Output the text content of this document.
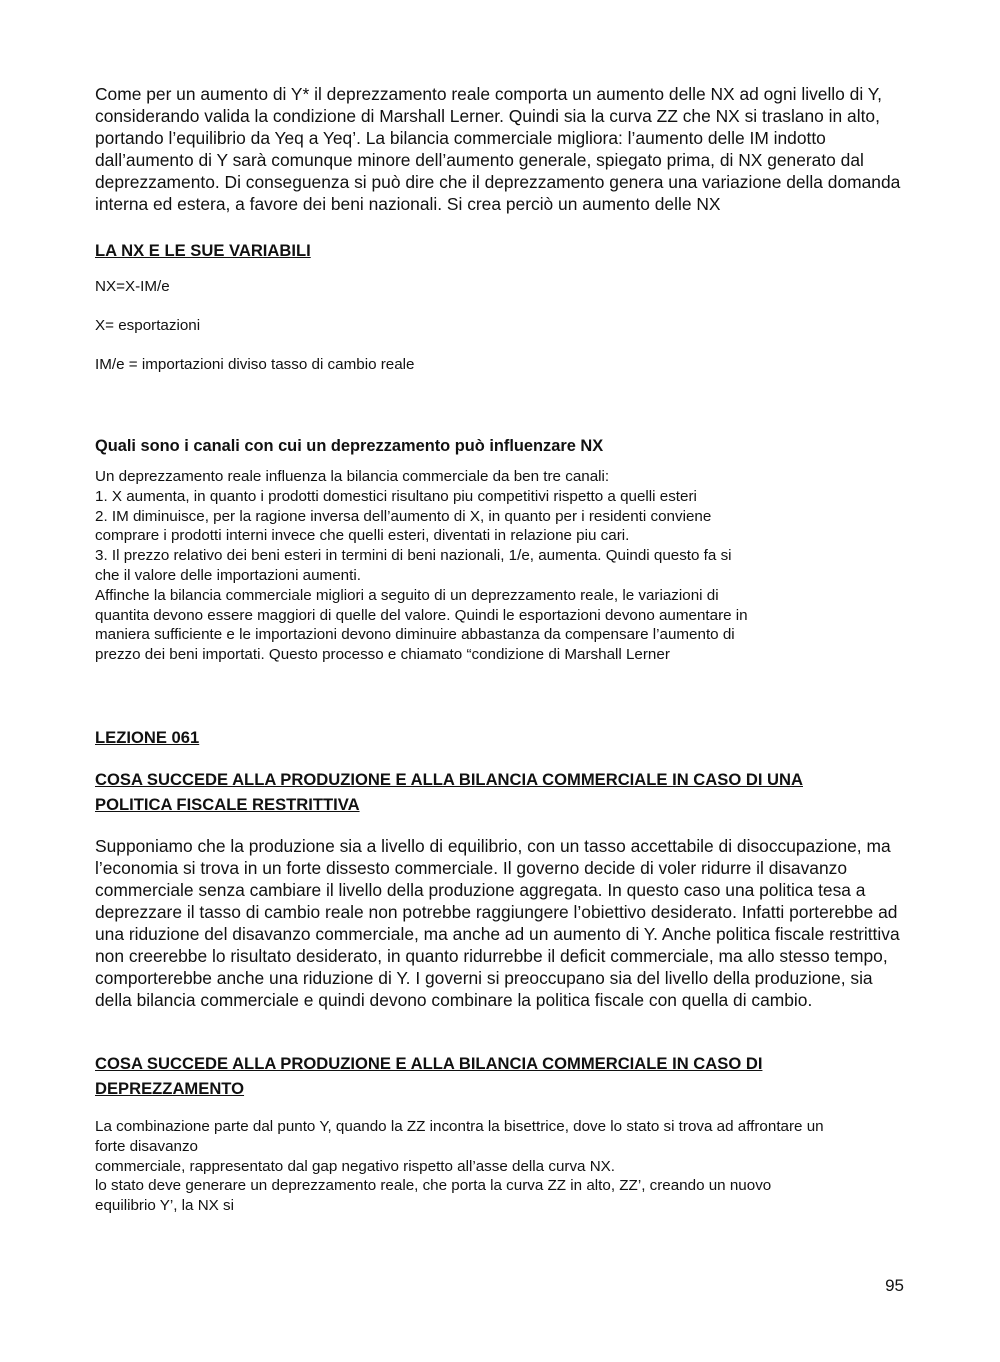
Come per un aumento di Y* il deprezzamento reale comporta un aumento delle NX ad ogni livello di Y, considerando valida la condizione di Marshall Lerner. Quindi sia la curva ZZ che NX si traslano in alto, portando l’equilibrio da Yeq a Yeq’. La bilancia commerciale migliora: l’aumento delle IM indotto dall’aumento di Y sarà comunque minore dell’aumento generale, spiegato prima, di NX generato dal deprezzamento. Di conseguenza si può dire che il deprezzamento genera una variazione della domanda interna ed estera, a favore dei beni nazionali. Si crea perciò un aumento delle NX

LA NX E LE SUE VARIABILI

NX=X-IM/e

X= esportazioni

IM/e = importazioni diviso tasso di cambio reale

Quali sono i canali con cui un deprezzamento può influenzare NX

Un deprezzamento reale influenza la bilancia commerciale da ben tre canali:
1. X aumenta, in quanto i prodotti domestici risultano piu competitivi rispetto a quelli esteri
2. IM diminuisce, per la ragione inversa dell’aumento di X, in quanto per i residenti conviene
comprare i prodotti interni invece che quelli esteri, diventati in relazione piu cari.
3. Il prezzo relativo dei beni esteri in termini di beni nazionali, 1/e, aumenta. Quindi questo fa si
che il valore delle importazioni aumenti.
Affinche la bilancia commerciale migliori a seguito di un deprezzamento reale, le variazioni di
quantita devono essere maggiori di quelle del valore. Quindi le esportazioni devono aumentare in
maniera sufficiente e le importazioni devono diminuire abbastanza da compensare l’aumento di
prezzo dei beni importati. Questo processo e chiamato “condizione di Marshall Lerner

LEZIONE 061

COSA SUCCEDE ALLA PRODUZIONE E ALLA BILANCIA COMMERCIALE IN CASO DI UNA
POLITICA FISCALE RESTRITTIVA

Supponiamo che la produzione sia a livello di equilibrio, con un tasso accettabile di disoccupazione, ma l’economia si trova in un forte dissesto commerciale. Il governo decide di voler ridurre il disavanzo commerciale senza cambiare il livello della produzione aggregata. In questo caso una politica tesa a deprezzare il tasso di cambio reale non potrebbe raggiungere l’obiettivo desiderato. Infatti porterebbe ad una riduzione del disavanzo commerciale, ma anche ad un aumento di Y. Anche politica fiscale restrittiva non creerebbe lo risultato desiderato, in quanto ridurrebbe il deficit commerciale, ma allo stesso tempo, comporterebbe anche una riduzione di Y. I governi si preoccupano sia del livello della produzione, sia della bilancia commerciale e quindi devono combinare la politica fiscale con quella di cambio.

COSA SUCCEDE ALLA PRODUZIONE E ALLA BILANCIA COMMERCIALE IN CASO DI
DEPREZZAMENTO

La combinazione parte dal punto Y, quando la ZZ incontra la bisettrice, dove lo stato si trova ad affrontare un
forte disavanzo
commerciale, rappresentato dal gap negativo rispetto all’asse della curva NX.
lo stato deve generare un deprezzamento reale, che porta la curva ZZ in alto, ZZ’, creando un nuovo
equilibrio Y’, la NX si

95
